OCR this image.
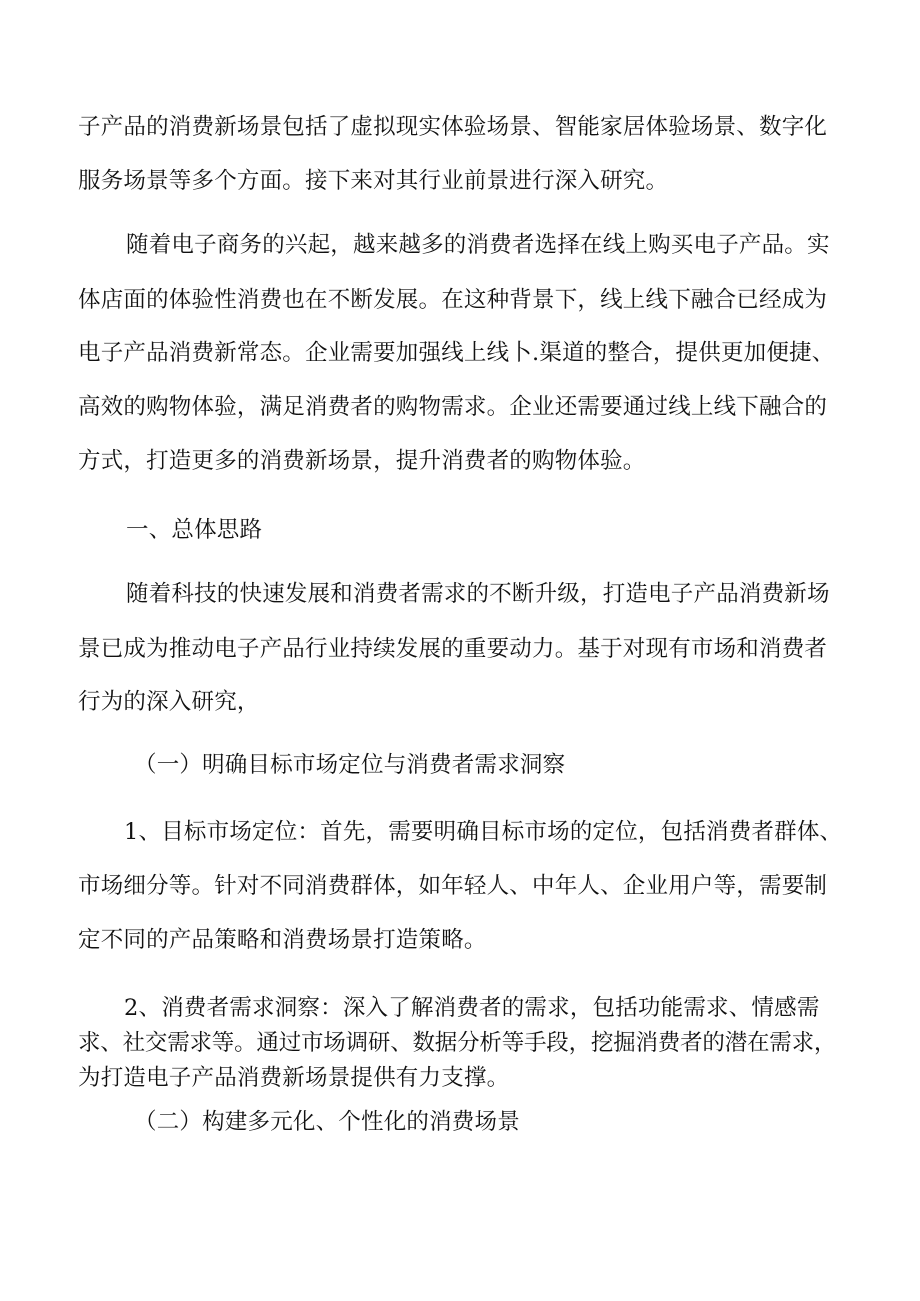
子产品的消费新场景包括了虚拟现实体验场景、智能家居体验场景、数字化
服务场景等多个方面。接下来对其行业前景进行深入研究。
随着电子商务的兴起，越来越多的消费者选择在线上购买电子产品。实
体店面的体验性消费也在不断发展。在这种背景下，线上线下融合已经成为
电子产品消费新常态。企业需要加强线上线卜.渠道的整合，提供更加便捷、
高效的购物体验，满足消费者的购物需求。企业还需要通过线上线下融合的
方式，打造更多的消费新场景，提升消费者的购物体验。
一、总体思路
随着科技的快速发展和消费者需求的不断升级，打造电子产品消费新场
景已成为推动电子产品行业持续发展的重要动力。基于对现有市场和消费者
行为的深入研究，
（一）明确目标市场定位与消费者需求洞察
1、目标市场定位：首先，需要明确目标市场的定位，包括消费者群体、
市场细分等。针对不同消费群体，如年轻人、中年人、企业用户等，需要制
定不同的产品策略和消费场景打造策略。
2、消费者需求洞察：深入了解消费者的需求，包括功能需求、情感需
求、社交需求等。通过市场调研、数据分析等手段，挖掘消费者的潜在需求，
为打造电子产品消费新场景提供有力支撑。
（二）构建多元化、个性化的消费场景
